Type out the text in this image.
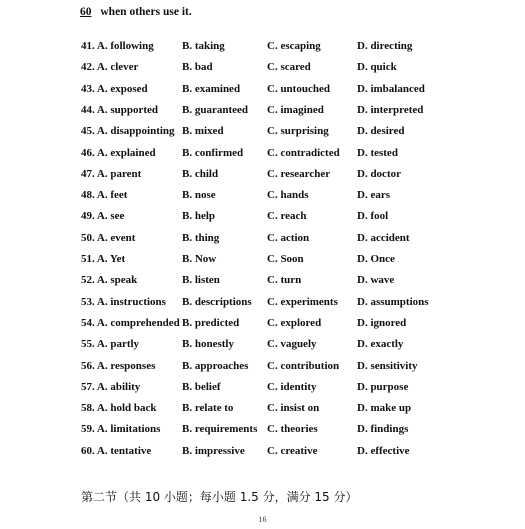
60 when others use it.
41. A. following	B. taking	C. escaping	D. directing
42. A. clever	B. bad	C. scared	D. quick
43. A. exposed	B. examined C. untouched D. imbalanced
44. A. supported B. guaranteed C. imagined	D. interpreted
45. A. disappointing B. mixed	C. surprising	D. desired
46. A. explained B. confirmed C. contradicted D. tested
47. A. parent	B. child	C. researcher D. doctor
48. A. feet	B. nose	C. hands	D. ears
49. A. see	B. help	C. reach	D. fool
50. A. event	B. thing	C. action	D. accident
51. A. Yet	B. Now	C. Soon	D. Once
52. A. speak	B. listen	C. turn	D. wave
53. A. instructions B. descriptions C. experiments D. assumptions
54. A. comprehended B. predicted	C. explored	D. ignored
55. A. partly	B. honestly	C. vaguely	D. exactly
56. A. responses B. approaches C. contribution D. sensitivity
57. A. ability	B. belief	C. identity	D. purpose
58. A. hold back B. relate to	C. insist on	D. make up
59. A. limitations B. requirements C. theories	D. findings
60. A. tentative	B. impressive C. creative	D. effective
第二节（共 10 小题；每小题 1.5 分，满分 15 分）
16
